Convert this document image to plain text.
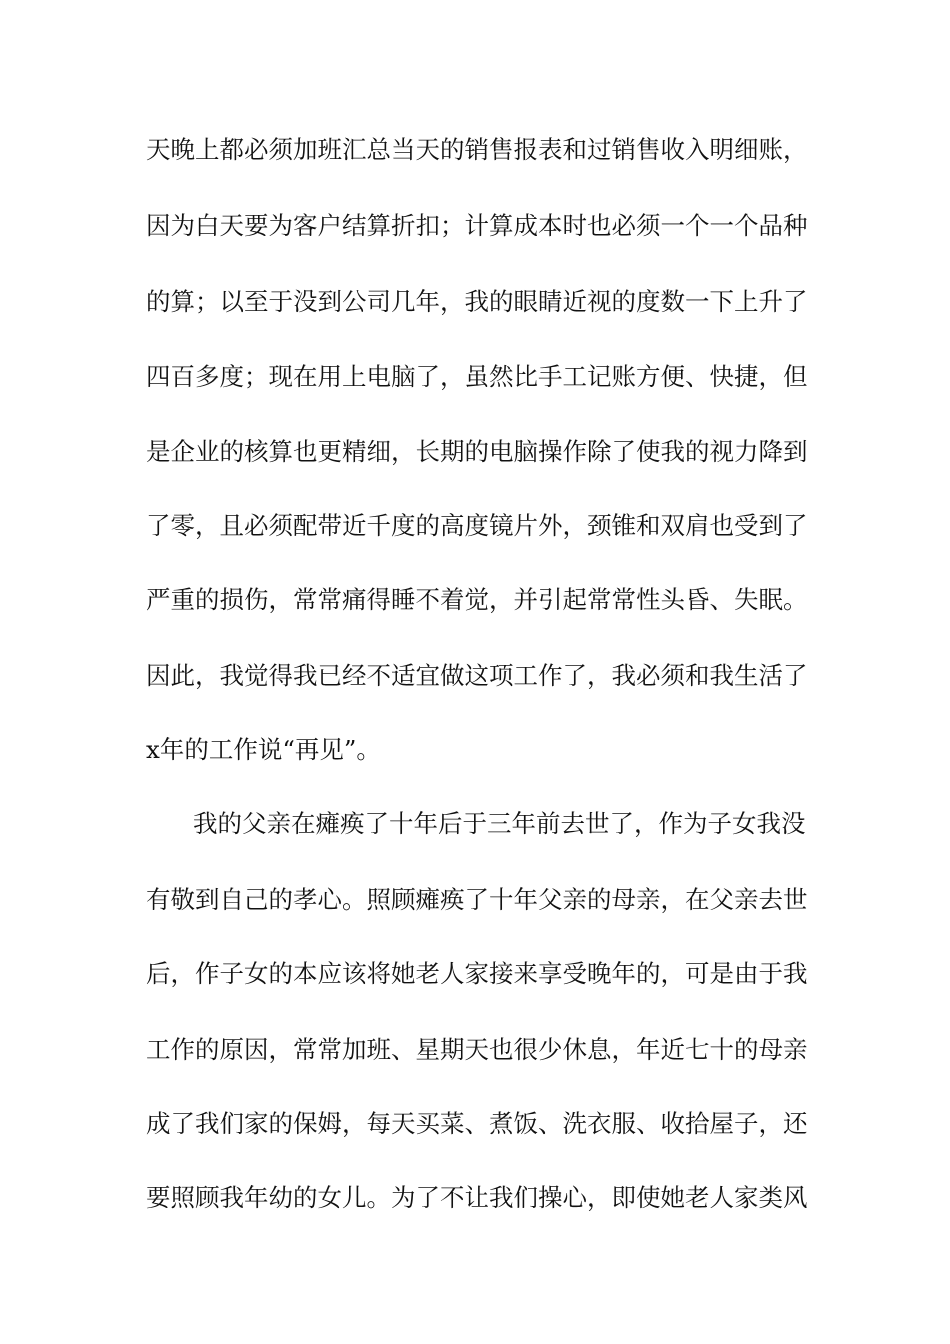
天晚上都必须加班汇总当天的销售报表和过销售收入明细账，

因为白天要为客户结算折扣；计算成本时也必须一个一个品种

的算；以至于没到公司几年，我的眼睛近视的度数一下上升了

四百多度；现在用上电脑了，虽然比手工记账方便、快捷，但

是企业的核算也更精细，长期的电脑操作除了使我的视力降到

了零，且必须配带近千度的高度镜片外，颈锥和双肩也受到了

严重的损伤，常常痛得睡不着觉，并引起常常性头昏、失眠。

因此，我觉得我已经不适宜做这项工作了，我必须和我生活了

x年的工作说“再见”。

我的父亲在瘫痪了十年后于三年前去世了，作为子女我没

有敬到自己的孝心。照顾瘫痪了十年父亲的母亲，在父亲去世

后，作子女的本应该将她老人家接来享受晚年的，可是由于我

工作的原因，常常加班、星期天也很少休息，年近七十的母亲

成了我们家的保姆，每天买菜、煮饭、洗衣服、收拾屋子，还

要照顾我年幼的女儿。为了不让我们操心，即使她老人家类风
